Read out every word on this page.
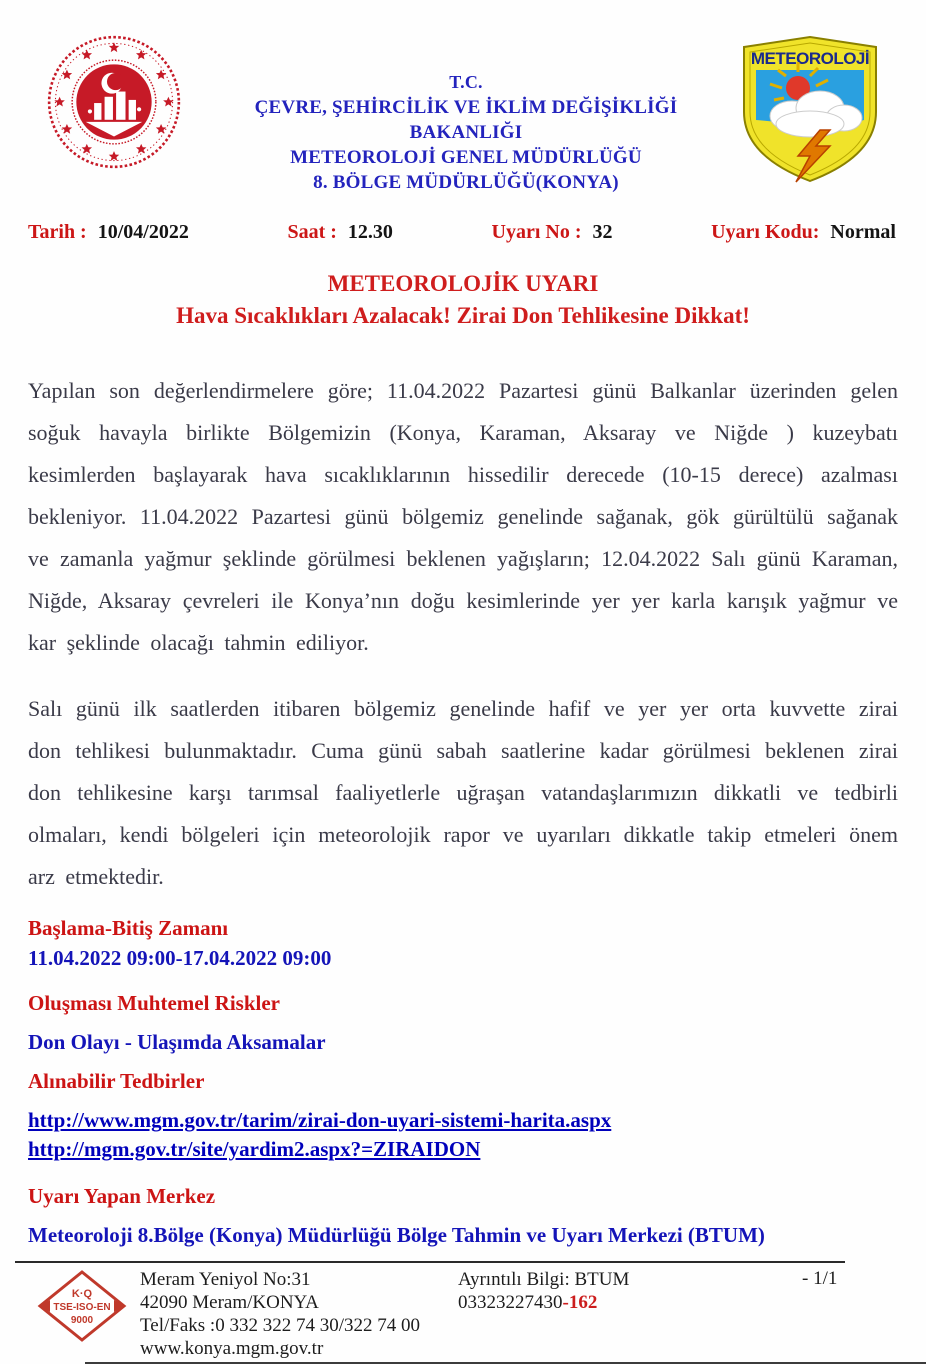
T.C.
ÇEVRE, ŞEHİRCİLİK VE İKLİM DEĞİŞİKLİĞİ BAKANLIĞI
METEOROLOJİ GENEL MÜDÜRLÜĞÜ
8. BÖLGE MÜDÜRLÜĞÜ(KONYA)
METEOROLOJİ
Tarih : 10/04/2022	Saat : 12.30	Uyarı No : 32	Uyarı Kodu: Normal
METEOROLOJİK UYARI
Hava Sıcaklıkları Azalacak! Zirai Don Tehlikesine Dikkat!

Yapılan son değerlendirmelere göre; 11.04.2022 Pazartesi günü Balkanlar üzerinden gelen soğuk havayla birlikte Bölgemizin (Konya, Karaman, Aksaray ve Niğde ) kuzeybatı kesimlerden başlayarak hava sıcaklıklarının hissedilir derecede (10-15 derece) azalması bekleniyor. 11.04.2022 Pazartesi günü bölgemiz genelinde sağanak, gök gürültülü sağanak ve zamanla yağmur şeklinde görülmesi beklenen yağışların; 12.04.2022 Salı günü Karaman, Niğde, Aksaray çevreleri ile Konya’nın doğu kesimlerinde yer yer karla karışık yağmur ve kar şeklinde olacağı tahmin ediliyor.

Salı günü ilk saatlerden itibaren bölgemiz genelinde hafif ve yer yer orta kuvvette zirai don tehlikesi bulunmaktadır. Cuma günü sabah saatlerine kadar görülmesi beklenen zirai don tehlikesine karşı tarımsal faaliyetlerle uğraşan vatandaşlarımızın dikkatli ve tedbirli olmaları, kendi bölgeleri için meteorolojik rapor ve uyarıları dikkatle takip etmeleri önem arz etmektedir.

Başlama-Bitiş Zamanı
11.04.2022 09:00-17.04.2022 09:00
Oluşması Muhtemel Riskler
Don Olayı - Ulaşımda Aksamalar
Alınabilir Tedbirler
http://www.mgm.gov.tr/tarim/zirai-don-uyari-sistemi-harita.aspx
http://mgm.gov.tr/site/yardim2.aspx?=ZIRAIDON
Uyarı Yapan Merkez
Meteoroloji 8.Bölge (Konya) Müdürlüğü Bölge Tahmin ve Uyarı Merkezi (BTUM)
K·Q
TSE-ISO-EN
9000
Meram Yeniyol No:31
42090 Meram/KONYA
Tel/Faks :0 332 322 74 30/322 74 00
www.konya.mgm.gov.tr
Ayrıntılı Bilgi: BTUM
03323227430-162
- 1/1
